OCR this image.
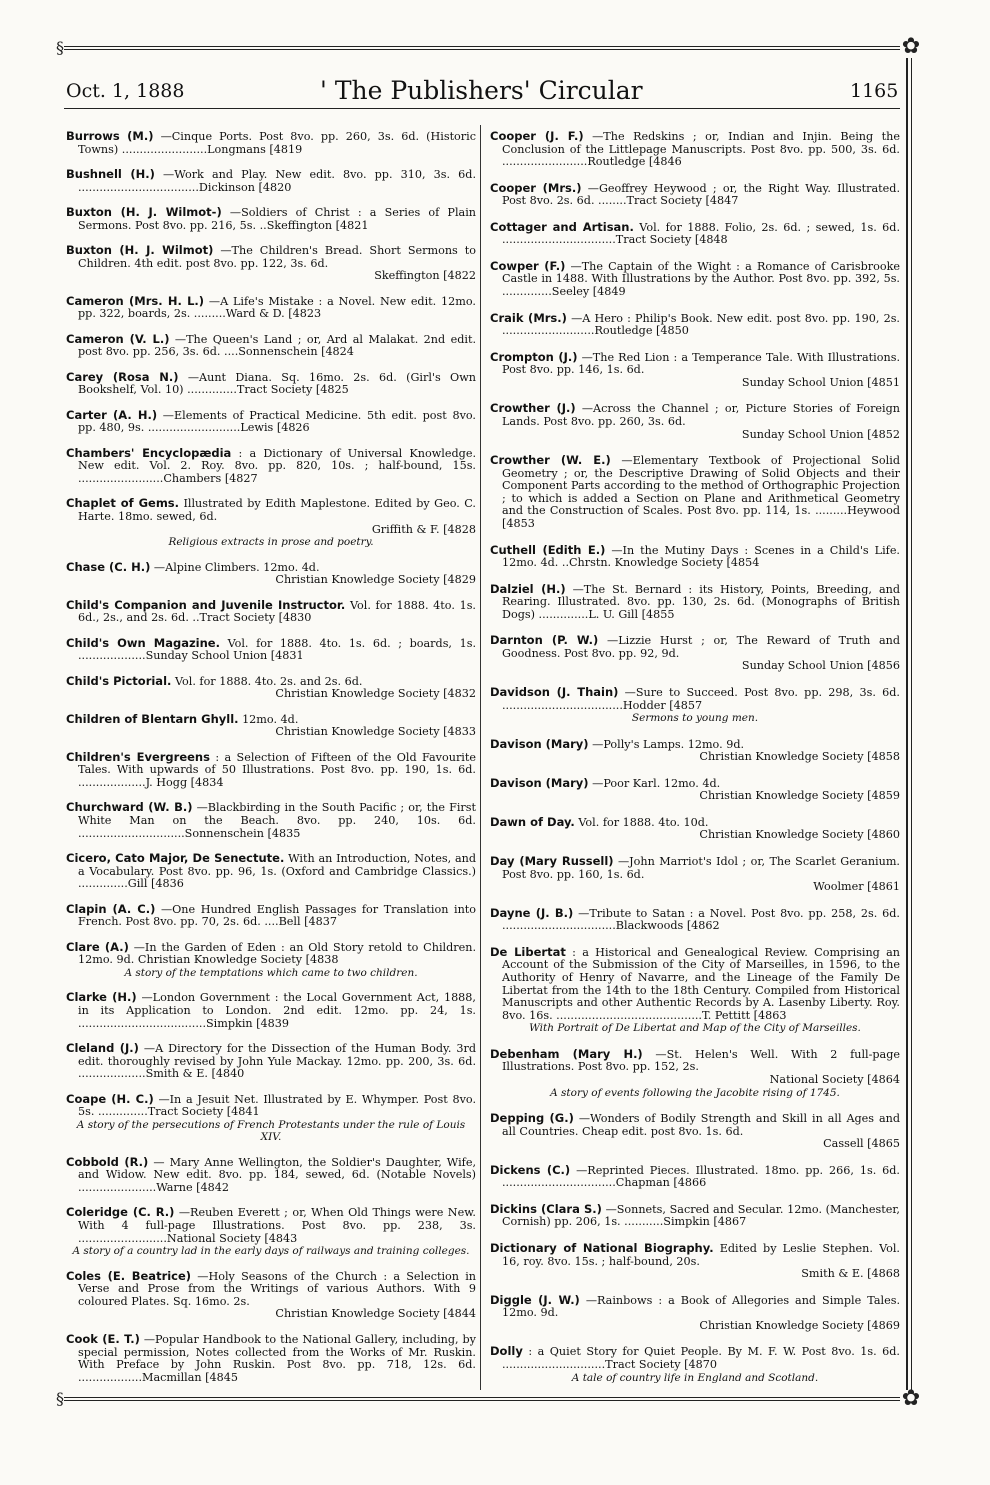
§	✿
Oct. 1, 1888	' The Publishers' Circular	1165
Burrows (M.) —Cinque Ports. Post 8vo. pp. 260, 3s. 6d. (Historic Towns) ........................Longmans [4819
Bushnell (H.) —Work and Play. New edit. 8vo. pp. 310, 3s. 6d. ..................................Dickinson [4820
Buxton (H. J. Wilmot-) —Soldiers of Christ : a Series of Plain Sermons. Post 8vo. pp. 216, 5s. ..Skeffington [4821
Buxton (H. J. Wilmot) —The Children's Bread. Short Sermons to Children. 4th edit. post 8vo. pp. 122, 3s. 6d.
Skeffington [4822
Cameron (Mrs. H. L.) —A Life's Mistake : a Novel. New edit. 12mo. pp. 322, boards, 2s. .........Ward & D. [4823
Cameron (V. L.) —The Queen's Land ; or, Ard al Malakat. 2nd edit. post 8vo. pp. 256, 3s. 6d. ....Sonnenschein [4824
Carey (Rosa N.) —Aunt Diana. Sq. 16mo. 2s. 6d. (Girl's Own Bookshelf, Vol. 10) ..............Tract Society [4825
Carter (A. H.) —Elements of Practical Medicine. 5th edit. post 8vo. pp. 480, 9s. ..........................Lewis [4826
Chambers' Encyclopædia : a Dictionary of Universal Knowledge. New edit. Vol. 2. Roy. 8vo. pp. 820, 10s. ; half-bound, 15s. ........................Chambers [4827
Chaplet of Gems. Illustrated by Edith Maplestone. Edited by Geo. C. Harte. 18mo. sewed, 6d.
Griffith & F. [4828
Religious extracts in prose and poetry.
Chase (C. H.) —Alpine Climbers. 12mo. 4d.
Christian Knowledge Society [4829
Child's Companion and Juvenile Instructor. Vol. for 1888. 4to. 1s. 6d., 2s., and 2s. 6d. ..Tract Society [4830
Child's Own Magazine. Vol. for 1888. 4to. 1s. 6d. ; boards, 1s. ...................Sunday School Union [4831
Child's Pictorial. Vol. for 1888. 4to. 2s. and 2s. 6d.
Christian Knowledge Society [4832
Children of Blentarn Ghyll. 12mo. 4d.
Christian Knowledge Society [4833
Children's Evergreens : a Selection of Fifteen of the Old Favourite Tales. With upwards of 50 Illustrations. Post 8vo. pp. 190, 1s. 6d. ...................J. Hogg [4834
Churchward (W. B.) —Blackbirding in the South Pacific ; or, the First White Man on the Beach. 8vo. pp. 240, 10s. 6d. ..............................Sonnenschein [4835
Cicero, Cato Major, De Senectute. With an Introduction, Notes, and a Vocabulary. Post 8vo. pp. 96, 1s. (Oxford and Cambridge Classics.) ..............Gill [4836
Clapin (A. C.) —One Hundred English Passages for Translation into French. Post 8vo. pp. 70, 2s. 6d. ....Bell [4837
Clare (A.) —In the Garden of Eden : an Old Story retold to Children. 12mo. 9d. Christian Knowledge Society [4838
A story of the temptations which came to two children.
Clarke (H.) —London Government : the Local Government Act, 1888, in its Application to London. 2nd edit. 12mo. pp. 24, 1s. ....................................Simpkin [4839
Cleland (J.) —A Directory for the Dissection of the Human Body. 3rd edit. thoroughly revised by John Yule Mackay. 12mo. pp. 200, 3s. 6d. ...................Smith & E. [4840
Coape (H. C.) —In a Jesuit Net. Illustrated by E. Whymper. Post 8vo. 5s. ..............Tract Society [4841
A story of the persecutions of French Protestants under the rule of Louis XIV.
Cobbold (R.) — Mary Anne Wellington, the Soldier's Daughter, Wife, and Widow. New edit. 8vo. pp. 184, sewed, 6d. (Notable Novels) ......................Warne [4842
Coleridge (C. R.) —Reuben Everett ; or, When Old Things were New. With 4 full-page Illustrations. Post 8vo. pp. 238, 3s. .........................National Society [4843
A story of a country lad in the early days of railways and training colleges.
Coles (E. Beatrice) —Holy Seasons of the Church : a Selection in Verse and Prose from the Writings of various Authors. With 9 coloured Plates. Sq. 16mo. 2s.
Christian Knowledge Society [4844
Cook (E. T.) —Popular Handbook to the National Gallery, including, by special permission, Notes collected from the Works of Mr. Ruskin. With Preface by John Ruskin. Post 8vo. pp. 718, 12s. 6d. ..................Macmillan [4845
Cooper (J. F.) —The Redskins ; or, Indian and Injin. Being the Conclusion of the Littlepage Manuscripts. Post 8vo. pp. 500, 3s. 6d. ........................Routledge [4846
Cooper (Mrs.) —Geoffrey Heywood ; or, the Right Way. Illustrated. Post 8vo. 2s. 6d. ........Tract Society [4847
Cottager and Artisan. Vol. for 1888. Folio, 2s. 6d. ; sewed, 1s. 6d. ................................Tract Society [4848
Cowper (F.) —The Captain of the Wight : a Romance of Carisbrooke Castle in 1488. With Illustrations by the Author. Post 8vo. pp. 392, 5s. ..............Seeley [4849
Craik (Mrs.) —A Hero : Philip's Book. New edit. post 8vo. pp. 190, 2s. ..........................Routledge [4850
Crompton (J.) —The Red Lion : a Temperance Tale. With Illustrations. Post 8vo. pp. 146, 1s. 6d.
Sunday School Union [4851
Crowther (J.) —Across the Channel ; or, Picture Stories of Foreign Lands. Post 8vo. pp. 260, 3s. 6d.
Sunday School Union [4852
Crowther (W. E.) —Elementary Textbook of Projectional Solid Geometry ; or, the Descriptive Drawing of Solid Objects and their Component Parts according to the method of Orthographic Projection ; to which is added a Section on Plane and Arithmetical Geometry and the Construction of Scales. Post 8vo. pp. 114, 1s. .........Heywood [4853
Cuthell (Edith E.) —In the Mutiny Days : Scenes in a Child's Life. 12mo. 4d. ..Chrstn. Knowledge Society [4854
Dalziel (H.) —The St. Bernard : its History, Points, Breeding, and Rearing. Illustrated. 8vo. pp. 130, 2s. 6d. (Monographs of British Dogs) ..............L. U. Gill [4855
Darnton (P. W.) —Lizzie Hurst ; or, The Reward of Truth and Goodness. Post 8vo. pp. 92, 9d.
Sunday School Union [4856
Davidson (J. Thain) —Sure to Succeed. Post 8vo. pp. 298, 3s. 6d. ..................................Hodder [4857
Sermons to young men.
Davison (Mary) —Polly's Lamps. 12mo. 9d.
Christian Knowledge Society [4858
Davison (Mary) —Poor Karl. 12mo. 4d.
Christian Knowledge Society [4859
Dawn of Day. Vol. for 1888. 4to. 10d.
Christian Knowledge Society [4860
Day (Mary Russell) —John Marriot's Idol ; or, The Scarlet Geranium. Post 8vo. pp. 160, 1s. 6d.
Woolmer [4861
Dayne (J. B.) —Tribute to Satan : a Novel. Post 8vo. pp. 258, 2s. 6d. ................................Blackwoods [4862
De Libertat : a Historical and Genealogical Review. Comprising an Account of the Submission of the City of Marseilles, in 1596, to the Authority of Henry of Navarre, and the Lineage of the Family De Libertat from the 14th to the 18th Century. Compiled from Historical Manuscripts and other Authentic Records by A. Lasenby Liberty. Roy. 8vo. 16s. .........................................T. Pettitt [4863
With Portrait of De Libertat and Map of the City of Marseilles.
Debenham (Mary H.) —St. Helen's Well. With 2 full-page Illustrations. Post 8vo. pp. 152, 2s.
National Society [4864
A story of events following the Jacobite rising of 1745.
Depping (G.) —Wonders of Bodily Strength and Skill in all Ages and all Countries. Cheap edit. post 8vo. 1s. 6d.
Cassell [4865
Dickens (C.) —Reprinted Pieces. Illustrated. 18mo. pp. 266, 1s. 6d. ................................Chapman [4866
Dickins (Clara S.) —Sonnets, Sacred and Secular. 12mo. (Manchester, Cornish) pp. 206, 1s. ...........Simpkin [4867
Dictionary of National Biography. Edited by Leslie Stephen. Vol. 16, roy. 8vo. 15s. ; half-bound, 20s.
Smith & E. [4868
Diggle (J. W.) —Rainbows : a Book of Allegories and Simple Tales. 12mo. 9d.
Christian Knowledge Society [4869
Dolly : a Quiet Story for Quiet People. By M. F. W. Post 8vo. 1s. 6d. .............................Tract Society [4870
A tale of country life in England and Scotland.
§	✿
